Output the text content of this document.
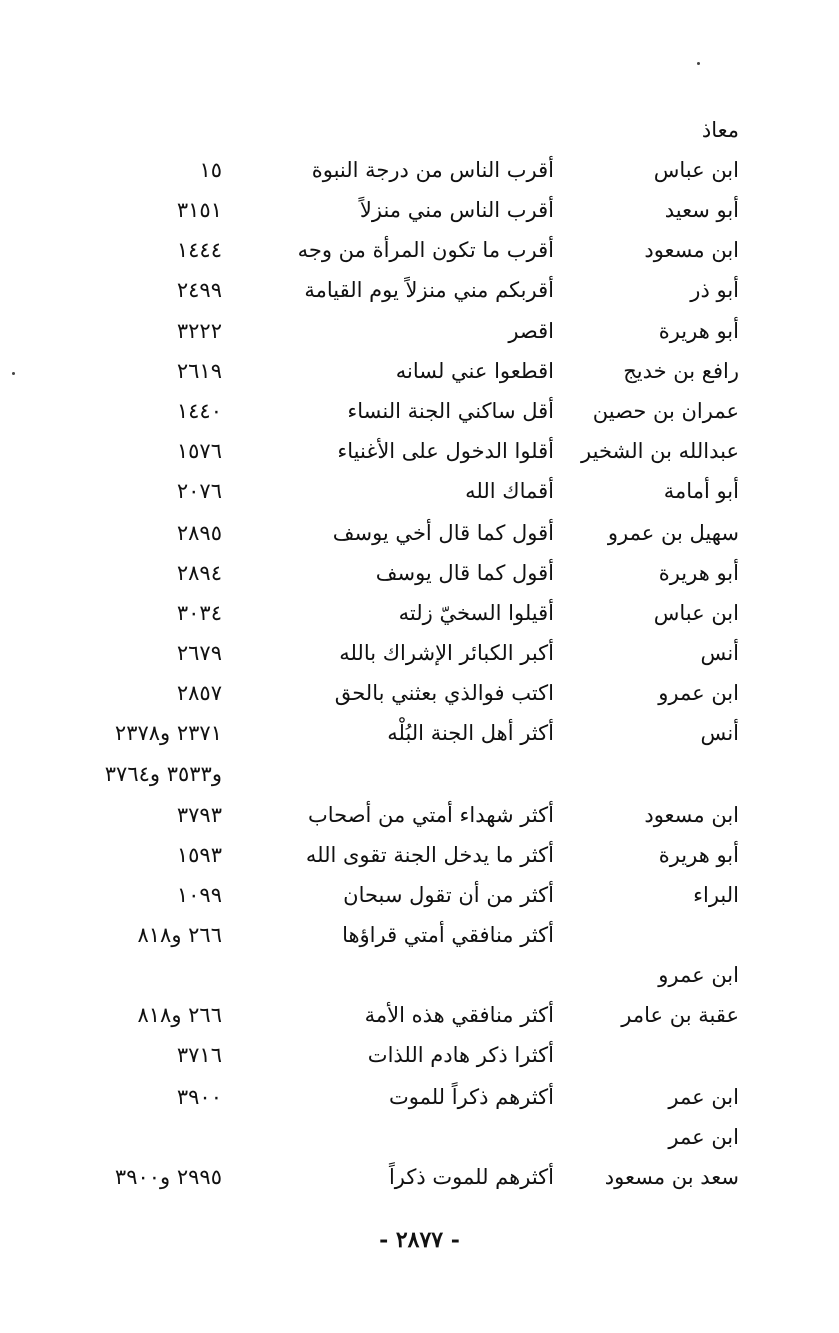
معاذ
ابن عباس
أقرب الناس من درجة النبوة
١٥
أبو سعيد
أقرب الناس مني منزلاً
٣١٥١
ابن مسعود
أقرب ما تكون المرأة من وجه
١٤٤٤
أبو ذر
أقربكم مني منزلاً يوم القيامة
٢٤٩٩
أبو هريرة
اقصر
٣٢٢٢
رافع بن خديج
اقطعوا عني لسانه
٢٦١٩
عمران بن حصين
أقل ساكني الجنة النساء
١٤٤٠
عبدالله بن الشخير
أقلوا الدخول على الأغنياء
١٥٧٦
أبو أمامة
أقماك الله
٢٠٧٦
سهيل بن عمرو
أقول كما قال أخي يوسف
٢٨٩٥
أبو هريرة
أقول كما قال يوسف
٢٨٩٤
ابن عباس
أقيلوا السخيّ زلته
٣٠٣٤
أنس
أكبر الكبائر الإشراك بالله
٢٦٧٩
ابن عمرو
اكتب فوالذي بعثني بالحق
٢٨٥٧
أنس
أكثر أهل الجنة البُلْه
٢٣٧١ و٢٣٧٨
و٣٥٣٣ و٣٧٦٤
ابن مسعود
أكثر شهداء أمتي من أصحاب
٣٧٩٣
أبو هريرة
أكثر ما يدخل الجنة تقوى الله
١٥٩٣
البراء
أكثر من أن تقول سبحان
١٠٩٩
أكثر منافقي أمتي قراؤها
٢٦٦ و٨١٨
ابن عمرو
عقبة بن عامر
أكثر منافقي هذه الأمة
٢٦٦ و٨١٨
أكثرا ذكر هادم اللذات
٣٧١٦
ابن عمر
أكثرهم ذكراً للموت
٣٩٠٠
ابن عمر
سعد بن مسعود
أكثرهم للموت ذكراً
٢٩٩٥ و٣٩٠٠
- ٢٨٧٧ -
